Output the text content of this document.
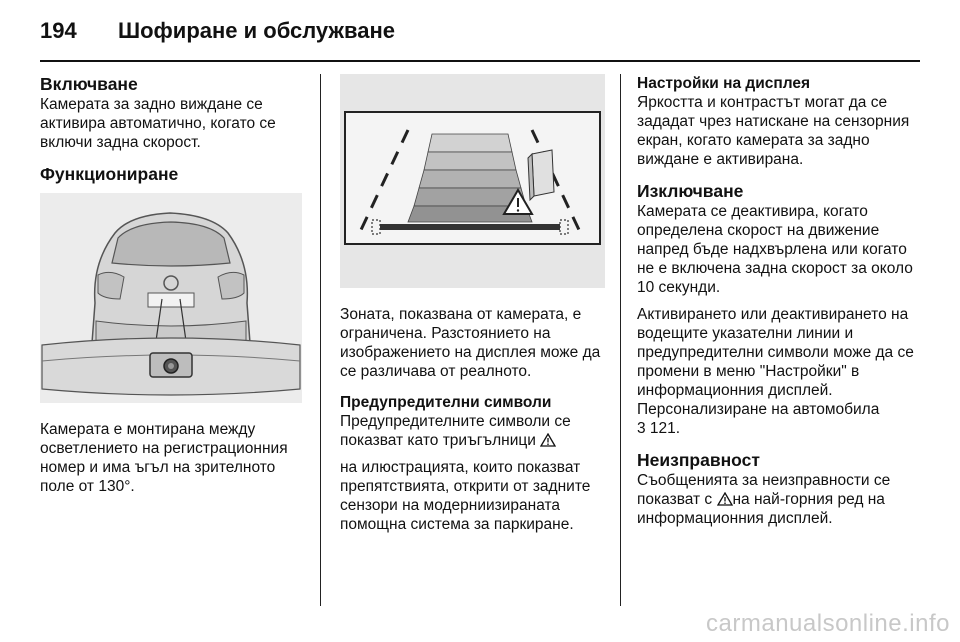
194 Шофиране и обслужване
Включване

Камерата за задно виждане се активира автоматично, когато се включи задна скорост.

Функциониране

Камерата е монтирана между осветлението на регистрационния номер и има ъгъл на зрителното поле от 130°.

Зоната, показвана от камерата, е ограничена. Разстоянието на изображението на дисплея може да се различава от реалното.

Предупредителни символи

Предупредителните символи се показват като триъгълници

на илюстрацията, които показват препятствията, открити от задните сензори на модерниизираната помощна система за паркиране.

Настройки на дисплея

Яркостта и контрастът могат да се зададат чрез натискане на сензорния екран, когато камерата за задно виждане е активирана.

Изключване

Камерата се деактивира, когато определена скорост на движение напред бъде надхвърлена или когато не е включена задна скорост за около 10 секунди.

Активирането или деактивирането на водещите указателни линии и предупредителни символи може да се промени в меню "Настройки" в информационния дисплей.

Персонализиране на автомобила

3 121.

Неизправност

Съобщенията за неизправности се показват с на най-горния ред на информационния дисплей.

carmanualsonline.info
